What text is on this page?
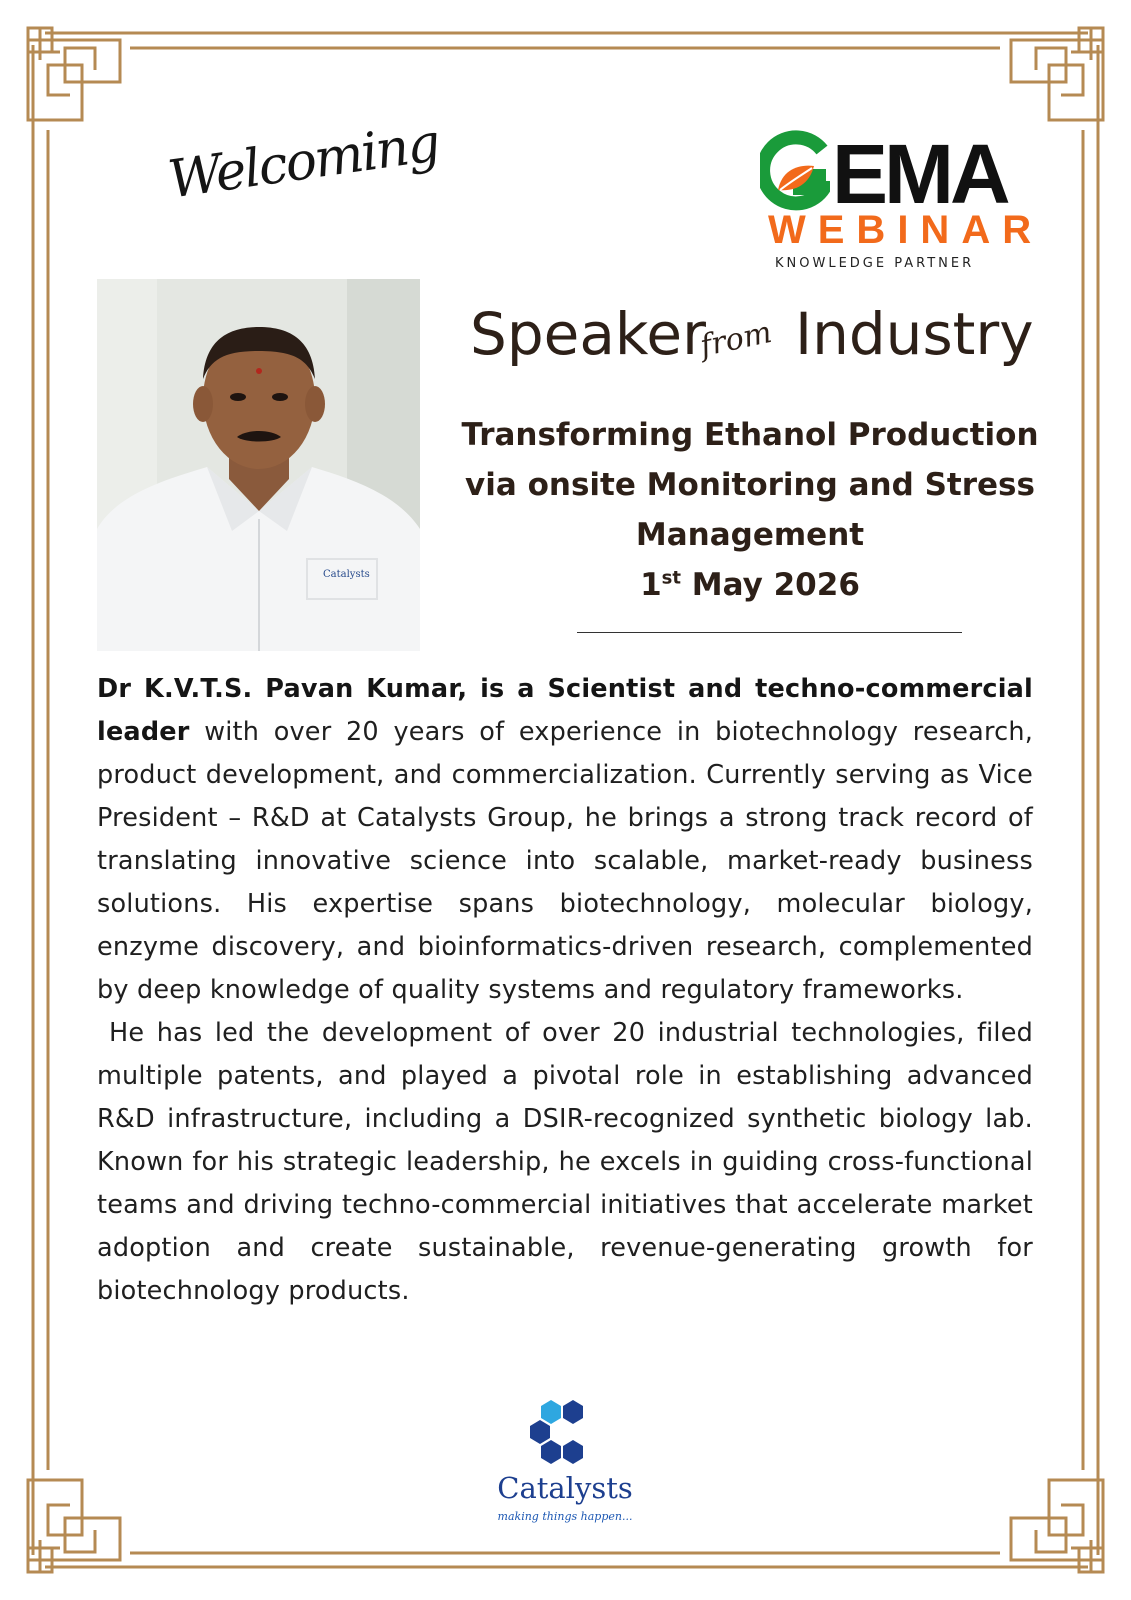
Welcoming	EMA
WEBINAR
KNOWLEDGE PARTNER
Catalysts
Speaker
from Industry
Transforming Ethanol Production
via onsite Monitoring and Stress
Management
1st May 2026

Dr K.V.T.S. Pavan Kumar, is a Scientist and techno-commercial leader with over 20 years of experience in biotechnology research, product development, and commercialization. Currently serving as Vice President – R&D at Catalysts Group, he brings a strong track record of translating innovative science into scalable, market-ready business solutions. His expertise spans biotechnology, molecular biology, enzyme discovery, and bioinformatics-driven research, complemented by deep knowledge of quality systems and regulatory frameworks.

He has led the development of over 20 industrial technologies, filed multiple patents, and played a pivotal role in establishing advanced R&D infrastructure, including a DSIR-recognized synthetic biology lab. Known for his strategic leadership, he excels in guiding cross-functional teams and driving techno-commercial initiatives that accelerate market adoption and create sustainable, revenue-generating growth for biotechnology products.

Catalysts
making things happen...
